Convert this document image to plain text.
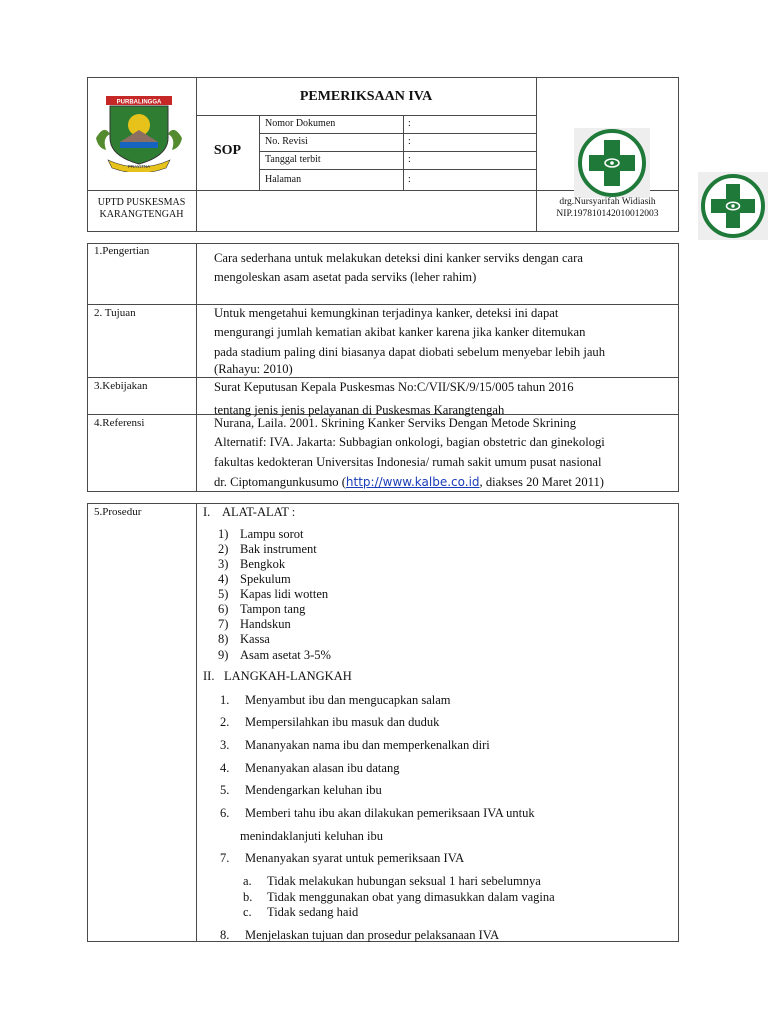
PURBALINGGA
PRAYITNA
PEMERIKSAAN IVA
SOP
Nomor Dokumen	:
No. Revisi	:
Tanggal terbit	:
Halaman	:
UPTD PUSKESMAS
KARANGTENGAH
drg.Nursyarifah Widiasih
NIP.197810142010012003
1.Pengertian	Cara sederhana untuk melakukan deteksi dini kanker serviks dengan cara
mengoleskan asam asetat pada serviks (leher rahim)
2. Tujuan	Untuk mengetahui kemungkinan terjadinya kanker, deteksi ini dapat
mengurangi jumlah kematian akibat kanker karena jika kanker ditemukan
pada stadium paling dini biasanya dapat diobati sebelum menyebar lebih jauh
(Rahayu: 2010)
3.Kebijakan	Surat Keputusan Kepala Puskesmas No:C/VII/SK/9/15/005 tahun 2016
tentang jenis jenis pelayanan di Puskesmas Karangtengah
4.Referensi	Nurana, Laila. 2001. Skrining Kanker Serviks Dengan Metode Skrining
Alternatif: IVA. Jakarta: Subbagian onkologi, bagian obstetric dan ginekologi
fakultas kedokteran Universitas Indonesia/ rumah sakit umum pusat nasional
dr. Ciptomangunkusumo (http://www.kalbe.co.id, diakses 20 Maret 2011)
5.Prosedur	I. ALAT-ALAT :
1) Lampu sorot
2) Bak instrument
3) Bengkok
4) Spekulum
5) Kapas lidi wotten
6) Tampon tang
7) Handskun
8) Kassa
9) Asam asetat 3-5%
II. LANGKAH-LANGKAH
1. Menyambut ibu dan mengucapkan salam
2. Mempersilahkan ibu masuk dan duduk
3. Mananyakan nama ibu dan memperkenalkan diri
4. Menanyakan alasan ibu datang
5. Mendengarkan keluhan ibu
6. Memberi tahu ibu akan dilakukan pemeriksaan IVA untuk
menindaklanjuti keluhan ibu
7. Menanyakan syarat untuk pemeriksaan IVA
a. Tidak melakukan hubungan seksual 1 hari sebelumnya
b. Tidak menggunakan obat yang dimasukkan dalam vagina
c. Tidak sedang haid
8. Menjelaskan tujuan dan prosedur pelaksanaan IVA
